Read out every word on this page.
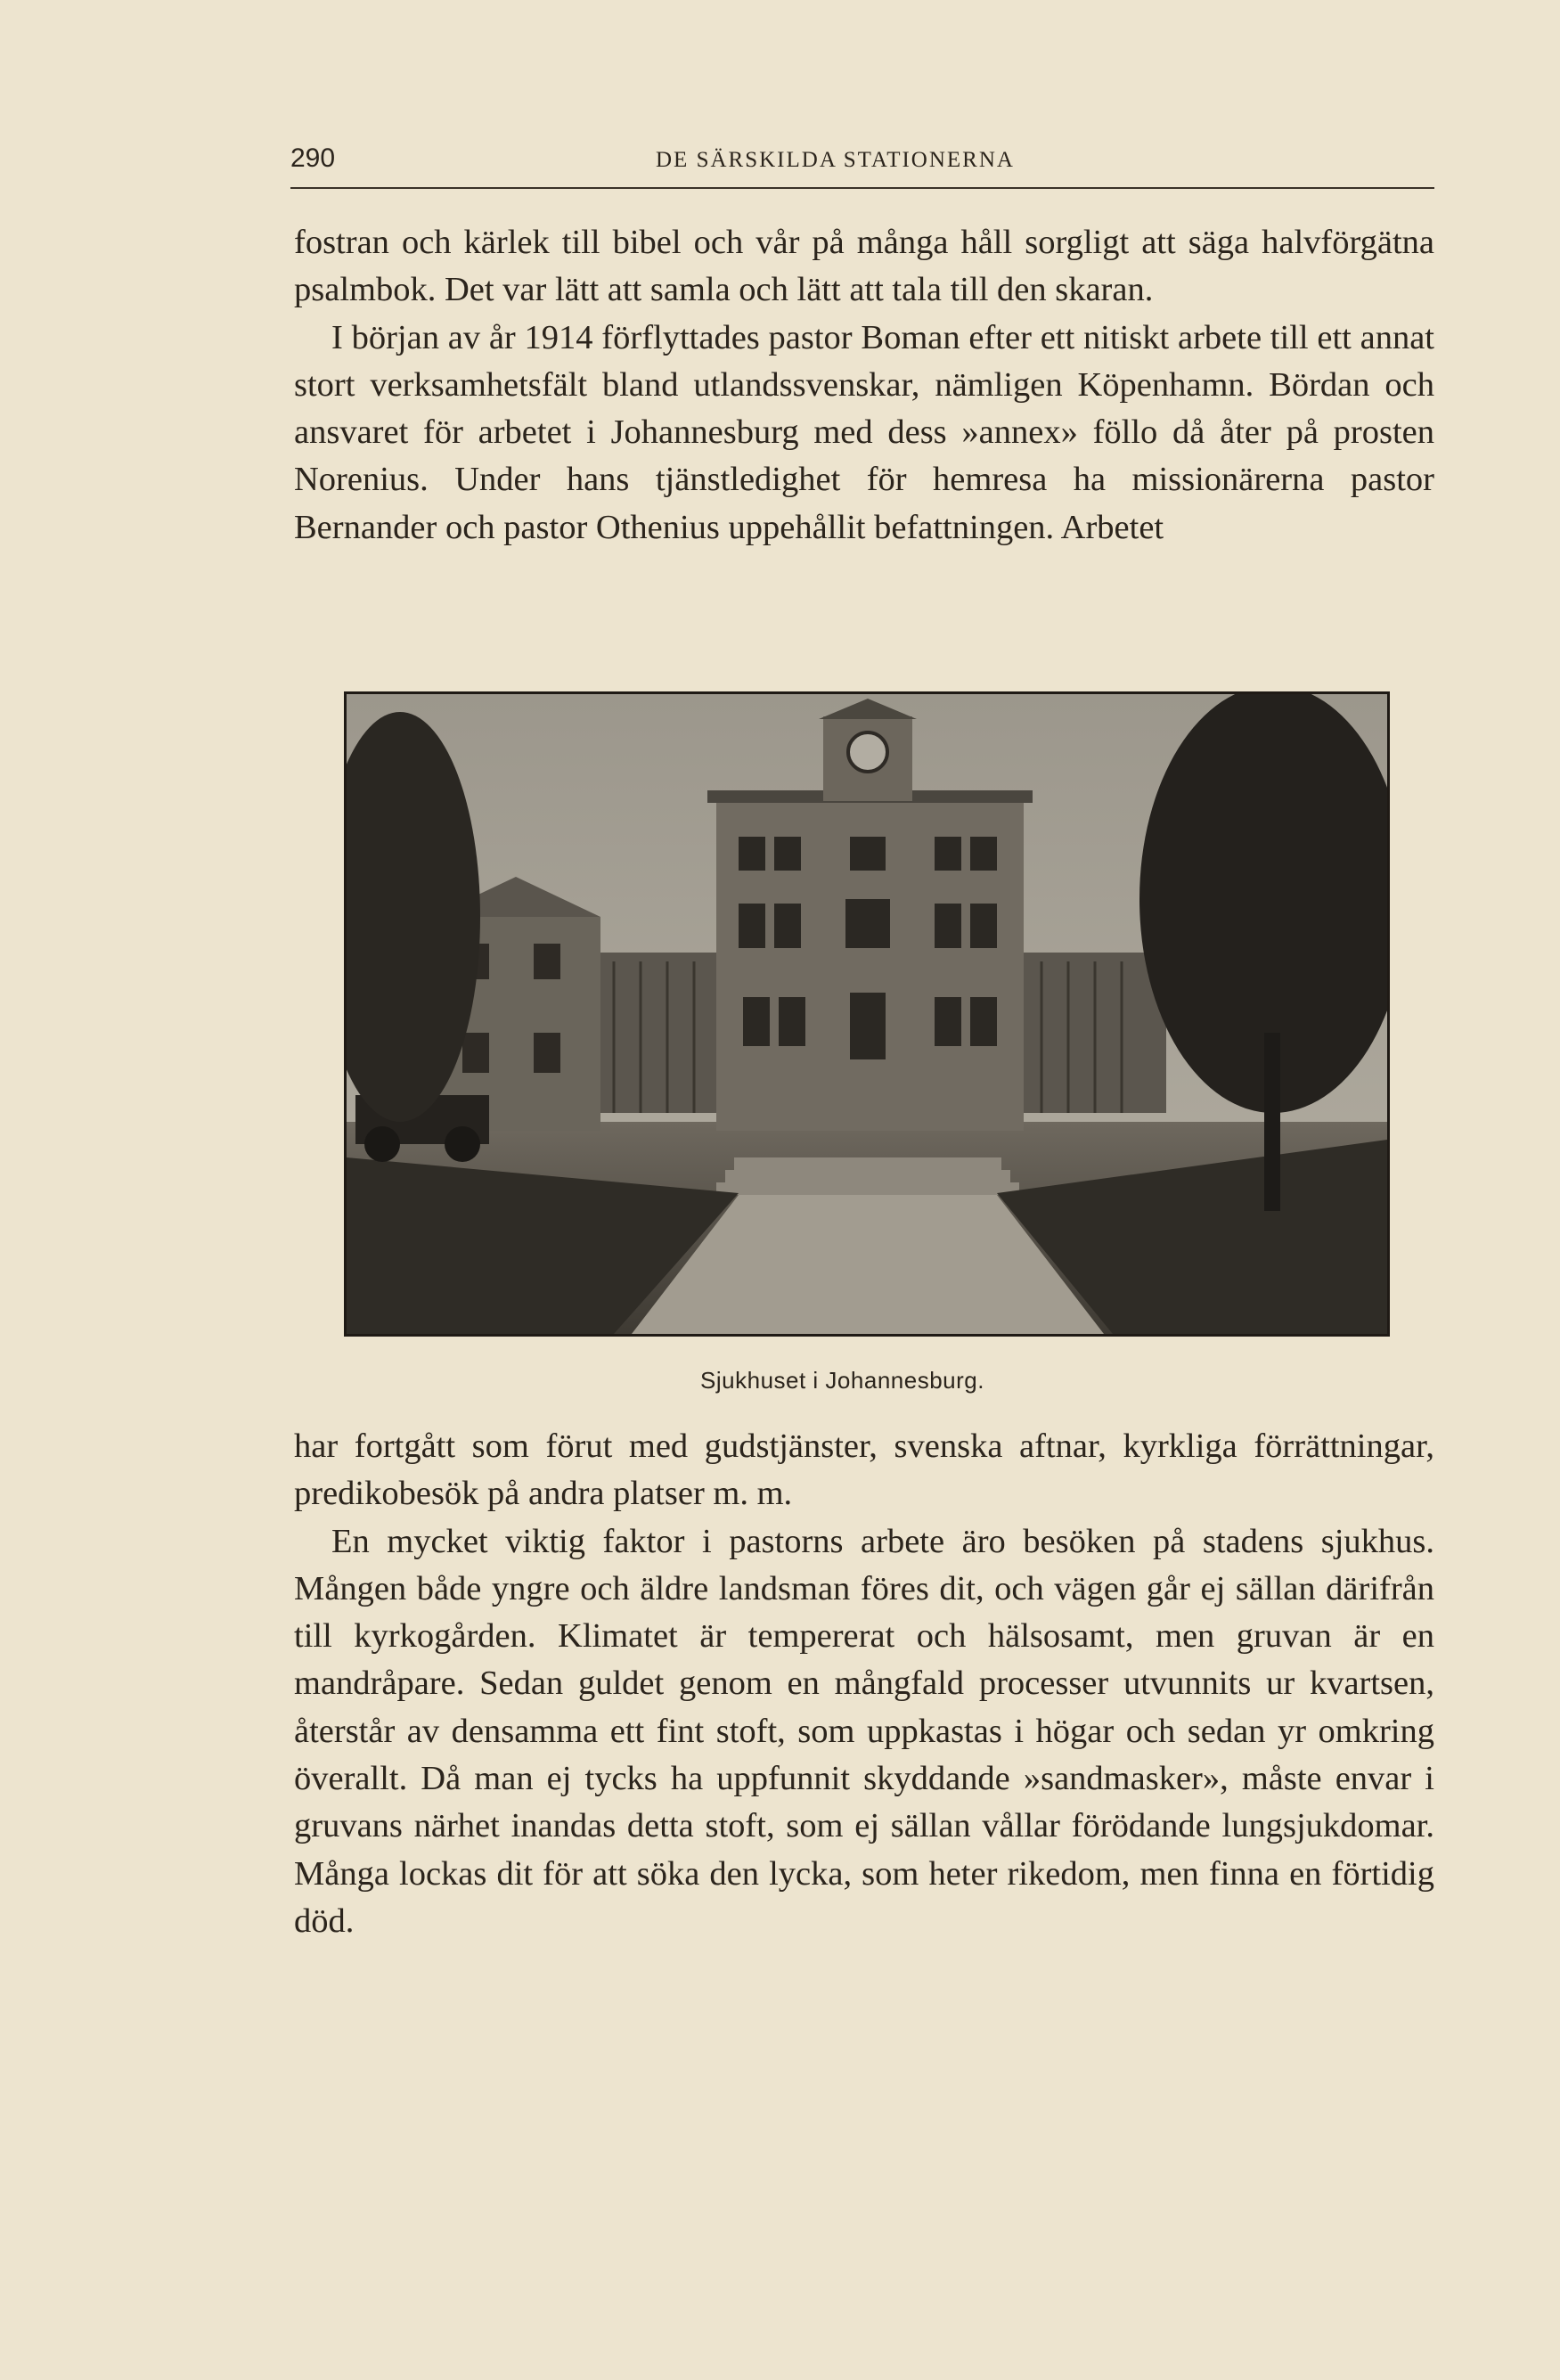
290	DE SÄRSKILDA STATIONERNA

fostran och kärlek till bibel och vår på många håll sorgligt att säga halvförgätna psalmbok. Det var lätt att samla och lätt att tala till den skaran.

I början av år 1914 förflyttades pastor Boman efter ett nitiskt arbete till ett annat stort verksamhetsfält bland utlandssvenskar, nämligen Köpenhamn. Bördan och ansvaret för arbetet i Johannesburg med dess »annex» föllo då åter på prosten Norenius. Under hans tjänstledighet för hemresa ha missionärerna pastor Bernander och pastor Othenius uppehållit befattningen. Arbetet

Sjukhuset i Johannesburg.

har fortgått som förut med gudstjänster, svenska aftnar, kyrkliga förrättningar, predikobesök på andra platser m. m.

En mycket viktig faktor i pastorns arbete äro besöken på stadens sjukhus. Mången både yngre och äldre landsman föres dit, och vägen går ej sällan därifrån till kyrkogården. Klimatet är tempererat och hälsosamt, men gruvan är en mandråpare. Sedan guldet genom en mångfald processer utvunnits ur kvartsen, återstår av densamma ett fint stoft, som uppkastas i högar och sedan yr omkring överallt. Då man ej tycks ha uppfunnit skyddande »sandmasker», måste envar i gruvans närhet inandas detta stoft, som ej sällan vållar förödande lungsjukdomar. Många lockas dit för att söka den lycka, som heter rikedom, men finna en förtidig död.
